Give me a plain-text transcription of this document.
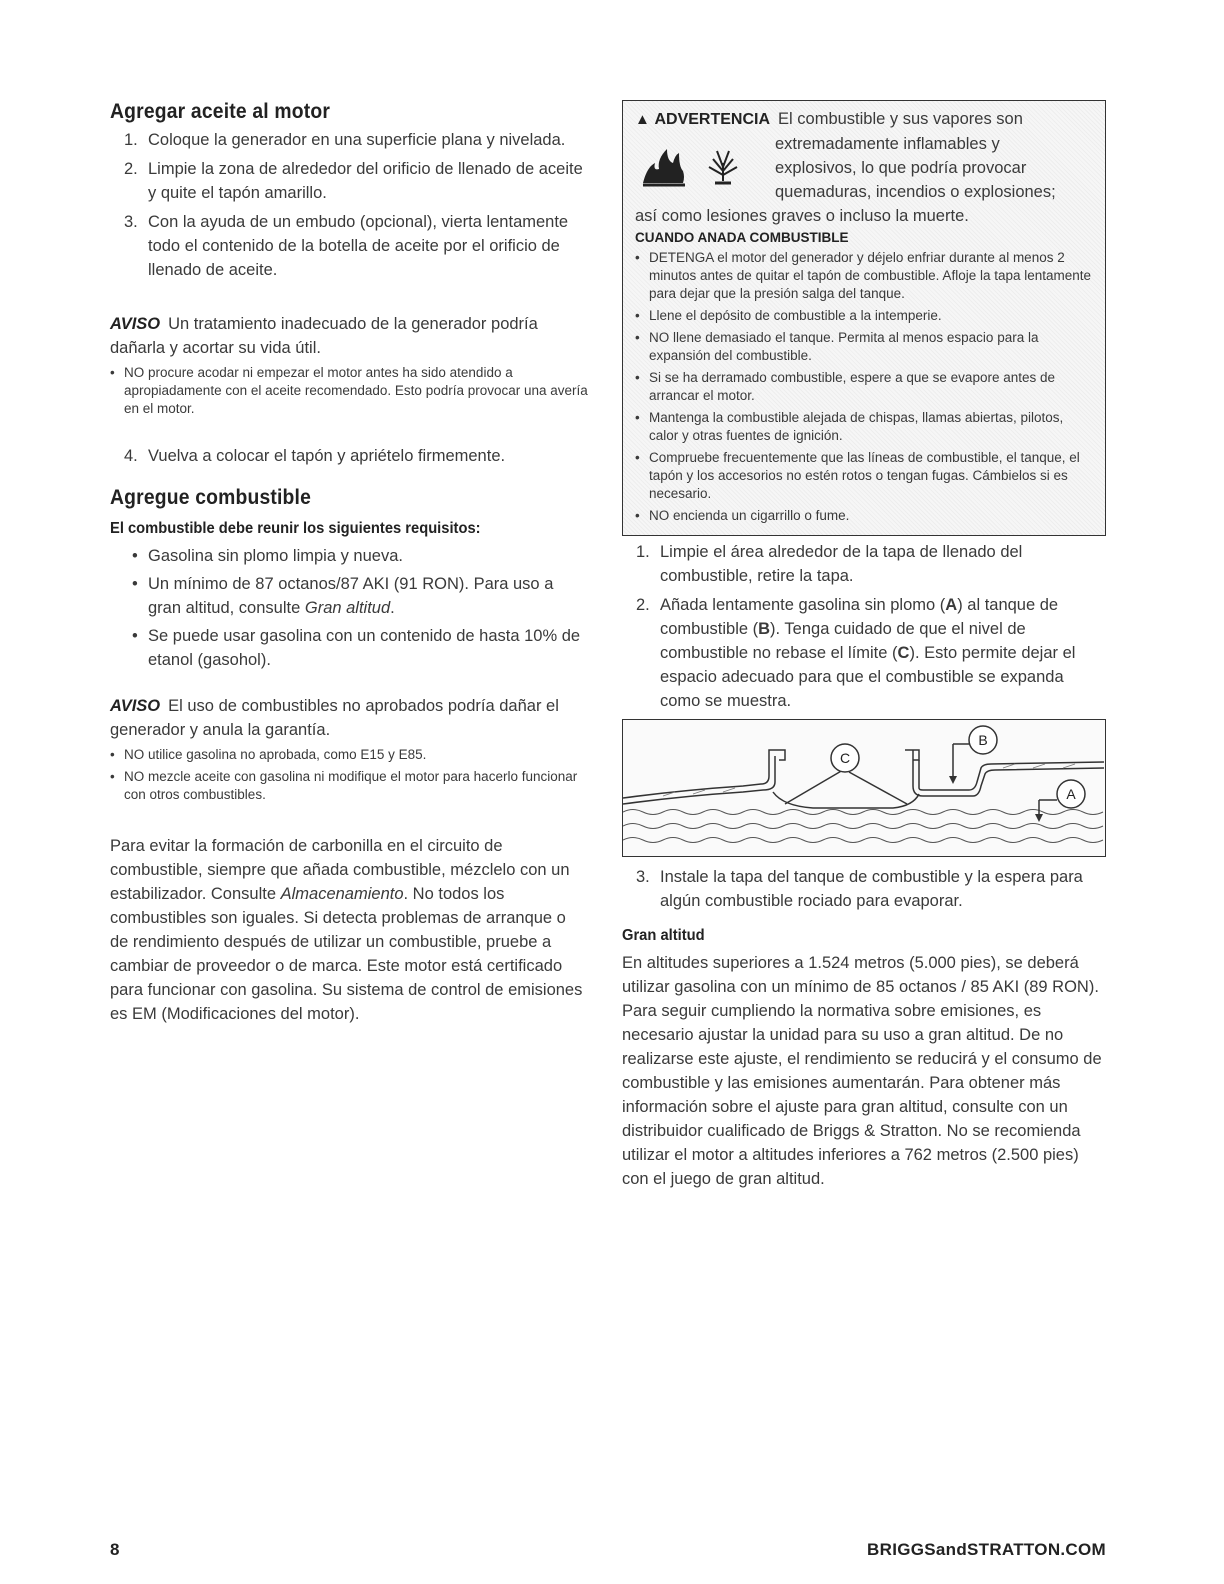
Agregar aceite al motor
1. Coloque la generador en una superficie plana y nivelada.
2. Limpie la zona de alrededor del orificio de llenado de aceite y quite el tapón amarillo.
3. Con la ayuda de un embudo (opcional), vierta lentamente todo el contenido de la botella de aceite por el orificio de llenado de aceite.
AVISO Un tratamiento inadecuado de la generador podría dañarla y acortar su vida útil.
• NO procure acodar ni empezar el motor antes ha sido atendido a apropiadamente con el aceite recomendado. Esto podría provocar una avería en el motor.
4. Vuelva a colocar el tapón y apriételo firmemente.
Agregue combustible
El combustible debe reunir los siguientes requisitos:
• Gasolina sin plomo limpia y nueva.
• Un mínimo de 87 octanos/87 AKI (91 RON). Para uso a gran altitud, consulte Gran altitud.
• Se puede usar gasolina con un contenido de hasta 10% de etanol (gasohol).
AVISO El uso de combustibles no aprobados podría dañar el generador y anula la garantía.
• NO utilice gasolina no aprobada, como E15 y E85.
• NO mezcle aceite con gasolina ni modifique el motor para hacerlo funcionar con otros combustibles.

Para evitar la formación de carbonilla en el circuito de combustible, siempre que añada combustible, mézclelo con un estabilizador. Consulte Almacenamiento. No todos los combustibles son iguales. Si detecta problemas de arranque o de rendimiento después de utilizar un combustible, pruebe a cambiar de proveedor o de marca. Este motor está certificado para funcionar con gasolina. Su sistema de control de emisiones es EM (Modificaciones del motor).

▲ ADVERTENCIA El combustible y sus vapores son
extremadamente inflamables y
explosivos, lo que podría provocar
quemaduras, incendios o explosiones;
así como lesiones graves o incluso la muerte.
CUANDO ANADA COMBUSTIBLE
• DETENGA el motor del generador y déjelo enfriar durante al menos 2 minutos antes de quitar el tapón de combustible. Afloje la tapa lentamente para dejar que la presión salga del tanque.
• Llene el depósito de combustible a la intemperie.
• NO llene demasiado el tanque. Permita al menos espacio para la expansión del combustible.
• Si se ha derramado combustible, espere a que se evapore antes de arrancar el motor.
• Mantenga la combustible alejada de chispas, llamas abiertas, pilotos, calor y otras fuentes de ignición.
• Compruebe frecuentemente que las líneas de combustible, el tanque, el tapón y los accesorios no estén rotos o tengan fugas. Cámbielos si es necesario.
• NO encienda un cigarrillo o fume.
1. Limpie el área alrededor de la tapa de llenado del combustible, retire la tapa.
2. Añada lentamente gasolina sin plomo (A) al tanque de combustible (B). Tenga cuidado de que el nivel de combustible no rebase el límite (C). Esto permite dejar el espacio adecuado para que el combustible se expanda como se muestra.
C
B
A
3. Instale la tapa del tanque de combustible y la espera para algún combustible rociado para evaporar.
Gran altitud

En altitudes superiores a 1.524 metros (5.000 pies), se deberá utilizar gasolina con un mínimo de 85 octanos / 85 AKI (89 RON). Para seguir cumpliendo la normativa sobre emisiones, es necesario ajustar la unidad para su uso a gran altitud. De no realizarse este ajuste, el rendimiento se reducirá y el consumo de combustible y las emisiones aumentarán. Para obtener más información sobre el ajuste para gran altitud, consulte con un distribuidor cualificado de Briggs & Stratton. No se recomienda utilizar el motor a altitudes inferiores a 762 metros (2.500 pies) con el juego de gran altitud.

8	BRIGGSandSTRATTON.COM
